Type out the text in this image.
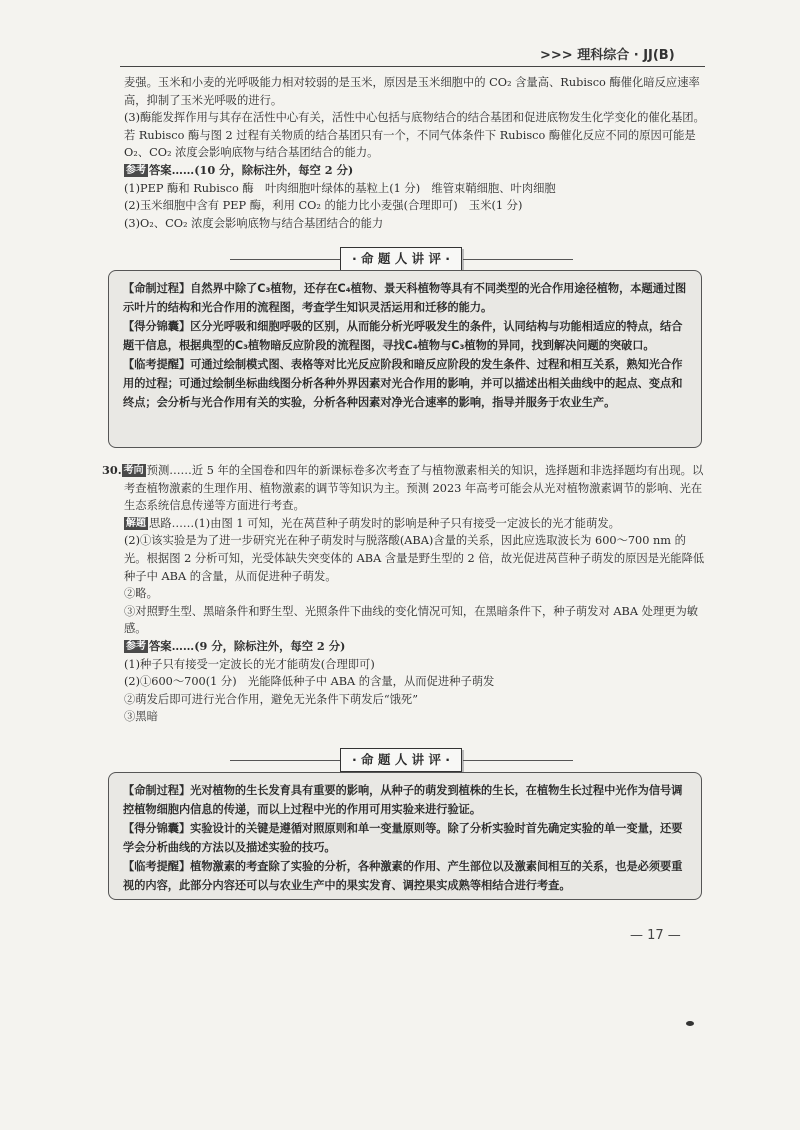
>>> 理科综合 · JJ(B)

麦强。玉米和小麦的光呼吸能力相对较弱的是玉米，原因是玉米细胞中的 CO₂ 含量高、Rubisco 酶催化暗反应速率高，抑制了玉米光呼吸的进行。

(3)酶能发挥作用与其存在活性中心有关，活性中心包括与底物结合的结合基团和促进底物发生化学变化的催化基团。若 Rubisco 酶与图 2 过程有关物质的结合基团只有一个，不同气体条件下 Rubisco 酶催化反应不同的原因可能是 O₂、CO₂ 浓度会影响底物与结合基团结合的能力。

参考 答案……(10 分，除标注外，每空 2 分)

(1)PEP 酶和 Rubisco 酶　叶肉细胞叶绿体的基粒上(1 分)　维管束鞘细胞、叶肉细胞

(2)玉米细胞中含有 PEP 酶，利用 CO₂ 的能力比小麦强(合理即可)　玉米(1 分)

(3)O₂、CO₂ 浓度会影响底物与结合基团结合的能力

· 命 题 人 讲 评 ·

【命制过程】自然界中除了C₃植物，还存在C₄植物、景天科植物等具有不同类型的光合作用途径植物，本题通过图示叶片的结构和光合作用的流程图，考查学生知识灵活运用和迁移的能力。

【得分锦囊】区分光呼吸和细胞呼吸的区别，从而能分析光呼吸发生的条件，认同结构与功能相适应的特点，结合题干信息，根据典型的C₃植物暗反应阶段的流程图，寻找C₄植物与C₃植物的异同，找到解决问题的突破口。

【临考提醒】可通过绘制模式图、表格等对比光反应阶段和暗反应阶段的发生条件、过程和相互关系，熟知光合作用的过程；可通过绘制坐标曲线图分析各种外界因素对光合作用的影响，并可以描述出相关曲线中的起点、变点和终点；会分析与光合作用有关的实验，分析各种因素对净光合速率的影响，指导并服务于农业生产。

30. 考向 预测……近 5 年的全国卷和四年的新课标卷多次考查了与植物激素相关的知识，选择题和非选择题均有出现。以考查植物激素的生理作用、植物激素的调节等知识为主。预测 2023 年高考可能会从光对植物激素调节的影响、光在生态系统信息传递等方面进行考查。

解题 思路……(1)由图 1 可知，光在莴苣种子萌发时的影响是种子只有接受一定波长的光才能萌发。

(2)①该实验是为了进一步研究光在种子萌发时与脱落酸(ABA)含量的关系，因此应选取波长为 600～700 nm 的光。根据图 2 分析可知，光受体缺失突变体的 ABA 含量是野生型的 2 倍，故光促进莴苣种子萌发的原因是光能降低种子中 ABA 的含量，从而促进种子萌发。

②略。

③对照野生型、黑暗条件和野生型、光照条件下曲线的变化情况可知，在黑暗条件下，种子萌发对 ABA 处理更为敏感。

参考 答案……(9 分，除标注外，每空 2 分)

(1)种子只有接受一定波长的光才能萌发(合理即可)

(2)①600～700(1 分)　光能降低种子中 ABA 的含量，从而促进种子萌发

②萌发后即可进行光合作用，避免无光条件下萌发后“饿死”

③黑暗

· 命 题 人 讲 评 ·

【命制过程】光对植物的生长发育具有重要的影响，从种子的萌发到植株的生长，在植物生长过程中光作为信号调控植物细胞内信息的传递，而以上过程中光的作用可用实验来进行验证。

【得分锦囊】实验设计的关键是遵循对照原则和单一变量原则等。除了分析实验时首先确定实验的单一变量，还要学会分析曲线的方法以及描述实验的技巧。

【临考提醒】植物激素的考查除了实验的分析，各种激素的作用、产生部位以及激素间相互的关系，也是必须要重视的内容，此部分内容还可以与农业生产中的果实发育、调控果实成熟等相结合进行考查。

— 17 —
